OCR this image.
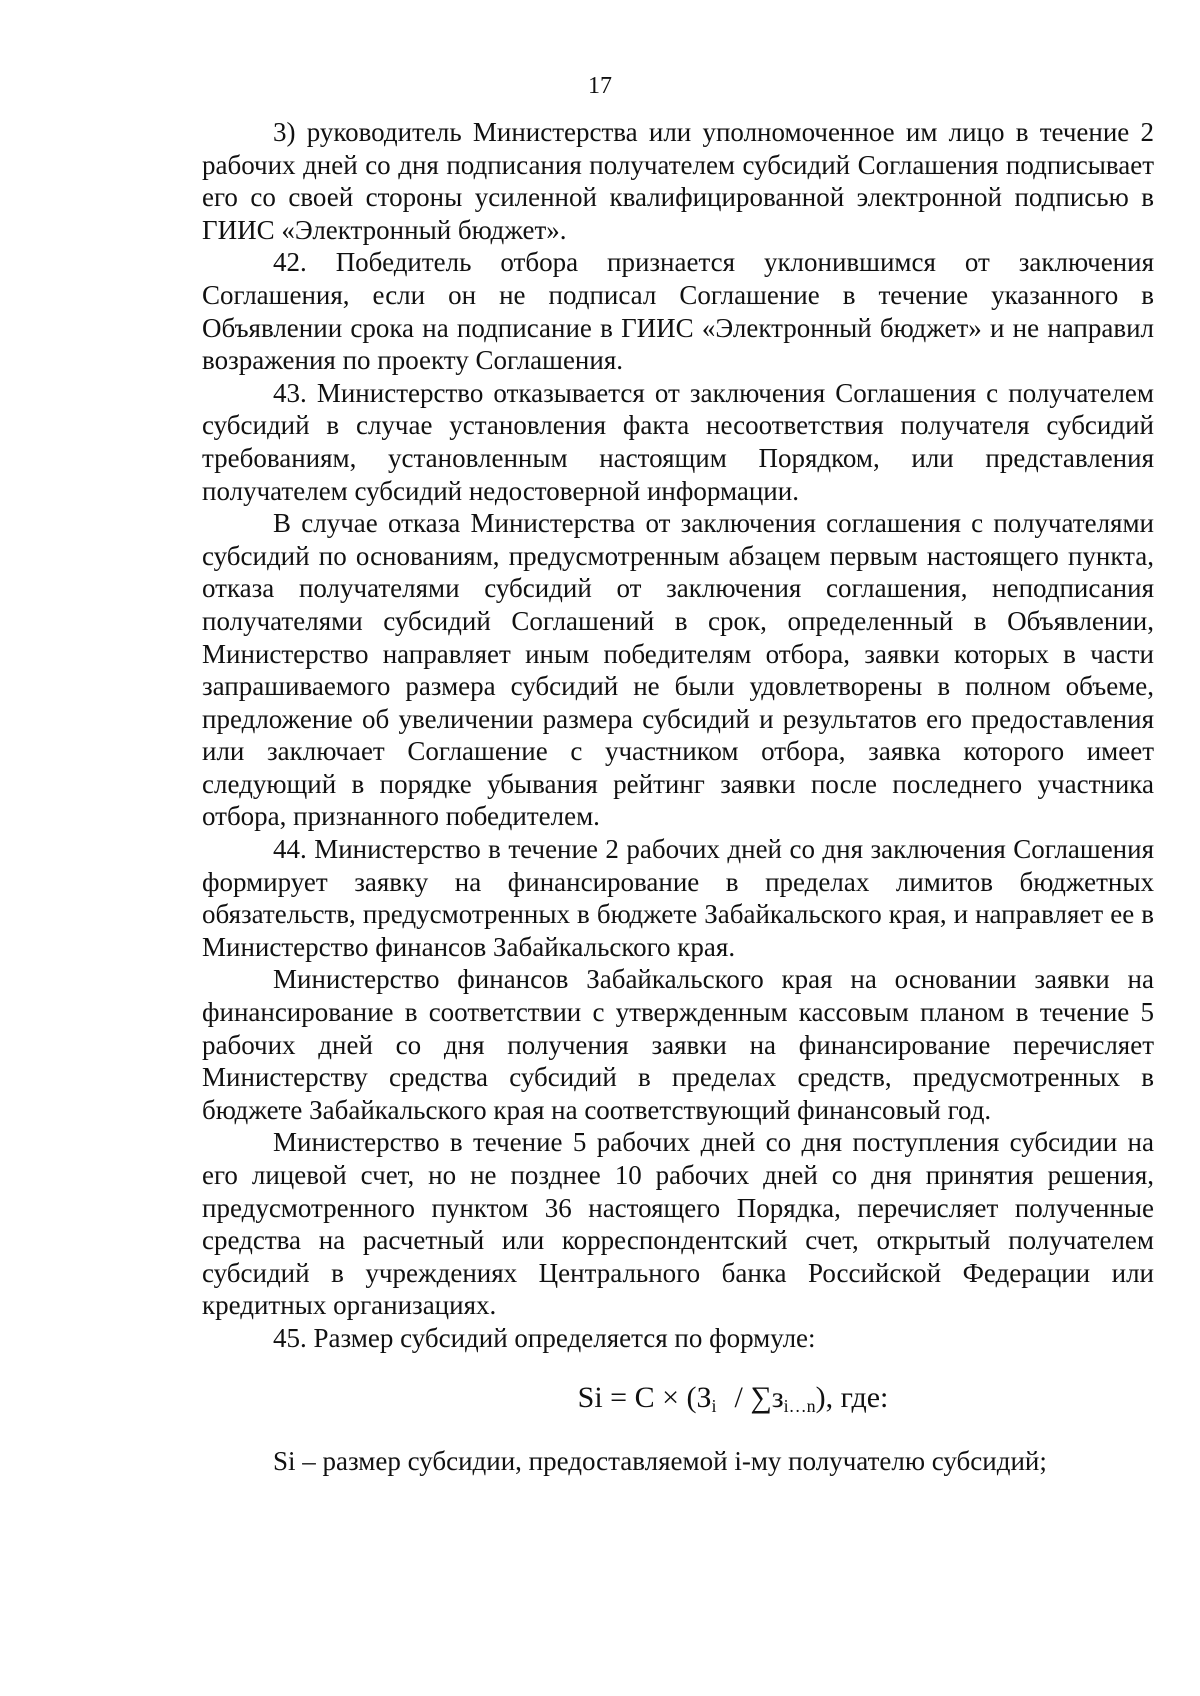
17

3) руководитель Министерства или уполномоченное им лицо в течение 2 рабочих дней со дня подписания получателем субсидий Соглашения подписывает его со своей стороны усиленной квалифицированной электронной подписью в ГИИС «Электронный бюджет».

42. Победитель отбора признается уклонившимся от заключения Соглашения, если он не подписал Соглашение в течение указанного в Объявлении срока на подписание в ГИИС «Электронный бюджет» и не направил возражения по проекту Соглашения.

43. Министерство отказывается от заключения Соглашения с получателем субсидий в случае установления факта несоответствия получателя субсидий требованиям, установленным настоящим Порядком, или представления получателем субсидий недостоверной информации.

В случае отказа Министерства от заключения соглашения с получателями субсидий по основаниям, предусмотренным абзацем первым настоящего пункта, отказа получателями субсидий от заключения соглашения, неподписания получателями субсидий Соглашений в срок, определенный в Объявлении, Министерство направляет иным победителям отбора, заявки которых в части запрашиваемого размера субсидий не были удовлетворены в полном объеме, предложение об увеличении размера субсидий и результатов его предоставления или заключает Соглашение с участником отбора, заявка которого имеет следующий в порядке убывания рейтинг заявки после последнего участника отбора, признанного победителем.

44. Министерство в течение 2 рабочих дней со дня заключения Соглашения формирует заявку на финансирование в пределах лимитов бюджетных обязательств, предусмотренных в бюджете Забайкальского края, и направляет ее в Министерство финансов Забайкальского края.

Министерство финансов Забайкальского края на основании заявки на финансирование в соответствии с утвержденным кассовым планом в течение 5 рабочих дней со дня получения заявки на финансирование перечисляет Министерству средства субсидий в пределах средств, предусмотренных в бюджете Забайкальского края на соответствующий финансовый год.

Министерство в течение 5 рабочих дней со дня поступления субсидии на его лицевой счет, но не позднее 10 рабочих дней со дня принятия решения, предусмотренного пунктом 36 настоящего Порядка, перечисляет полученные средства на расчетный или корреспондентский счет, открытый получателем субсидий в учреждениях Центрального банка Российской Федерации или кредитных организациях.

45. Размер субсидий определяется по формуле:

$Si = C \times (З_i / \sum з_{i\dots n})$, где:

Si – размер субсидии, предоставляемой i-му получателю субсидий;
